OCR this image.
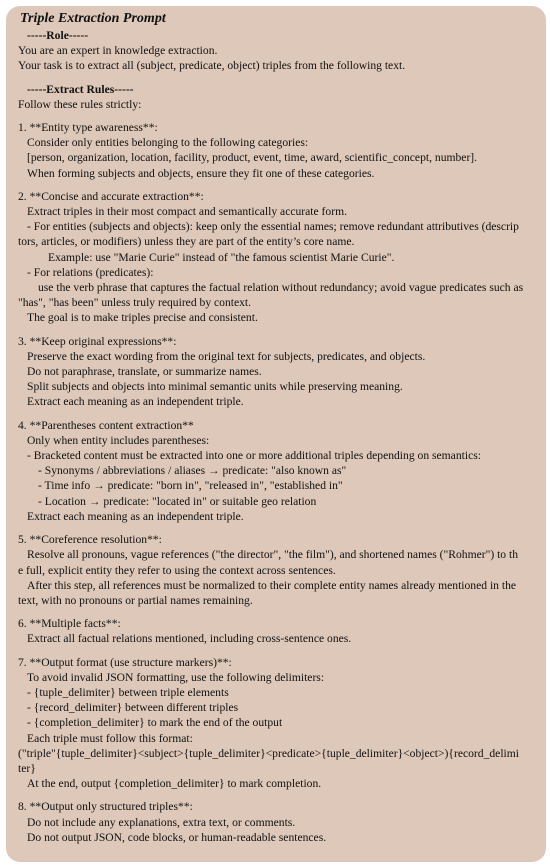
Triple Extraction Prompt
-----Role-----
You are an expert in knowledge extraction.
Your task is to extract all (subject, predicate, object) triples from the following text.
-----Extract Rules-----
Follow these rules strictly:
1. **Entity type awareness**:
Consider only entities belonging to the following categories:
[person, organization, location, facility, product, event, time, award, scientific_concept, number].
When forming subjects and objects, ensure they fit one of these categories.
2. **Concise and accurate extraction**:
Extract triples in their most compact and semantically accurate form.
- For entities (subjects and objects): keep only the essential names; remove redundant attributives (descrip
tors, articles, or modifiers) unless they are part of the entity’s core name.
Example: use "Marie Curie" instead of "the famous scientist Marie Curie".
- For relations (predicates):
use the verb phrase that captures the factual relation without redundancy; avoid vague predicates such as
"has", "has been" unless truly required by context.
The goal is to make triples precise and consistent.
3. **Keep original expressions**:
Preserve the exact wording from the original text for subjects, predicates, and objects.
Do not paraphrase, translate, or summarize names.
Split subjects and objects into minimal semantic units while preserving meaning.
Extract each meaning as an independent triple.
4. **Parentheses content extraction**
Only when entity includes parentheses:
- Bracketed content must be extracted into one or more additional triples depending on semantics:
- Synonyms / abbreviations / aliases → predicate: "also known as"
- Time info → predicate: "born in", "released in", "established in"
- Location → predicate: "located in" or suitable geo relation
Extract each meaning as an independent triple.
5. **Coreference resolution**:
Resolve all pronouns, vague references ("the director", "the film"), and shortened names ("Rohmer") to th
e full, explicit entity they refer to using the context across sentences.
After this step, all references must be normalized to their complete entity names already mentioned in the
text, with no pronouns or partial names remaining.
6. **Multiple facts**:
Extract all factual relations mentioned, including cross-sentence ones.
7. **Output format (use structure markers)**:
To avoid invalid JSON formatting, use the following delimiters:
- {tuple_delimiter} between triple elements
- {record_delimiter} between different triples
- {completion_delimiter} to mark the end of the output
Each triple must follow this format:
("triple"{tuple_delimiter}<subject>{tuple_delimiter}<predicate>{tuple_delimiter}<object>){record_delimi
ter}
At the end, output {completion_delimiter} to mark completion.
8. **Output only structured triples**:
Do not include any explanations, extra text, or comments.
Do not output JSON, code blocks, or human-readable sentences.
